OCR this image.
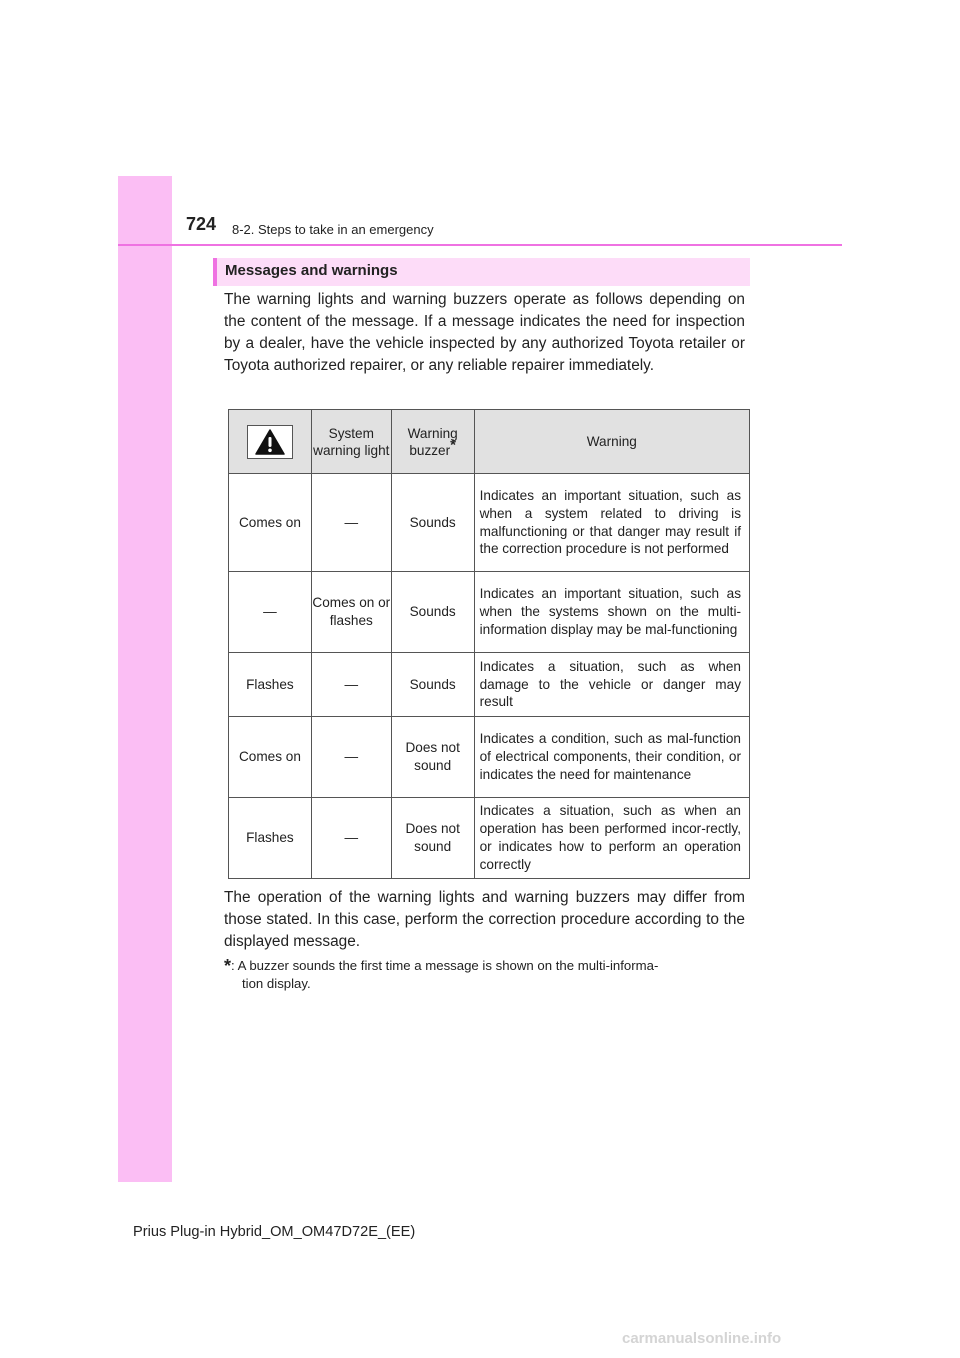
724 8-2. Steps to take in an emergency
Messages and warnings

The warning lights and warning buzzers operate as follows depending on the content of the message. If a message indicates the need for inspection by a dealer, have the vehicle inspected by any authorized Toyota retailer or Toyota authorized repairer, or any reliable repairer immediately.

	System warning light	Warning buzzer*	Warning
Comes on	—	Sounds	Indicates an important situation, such as when a system related to driving is malfunctioning or that danger may result if the correction procedure is not performed
—	Comes on or flashes	Sounds	Indicates an important situation, such as when the systems shown on the multi-information display may be mal-functioning
Flashes	—	Sounds	Indicates a situation, such as when damage to the vehicle or danger may result
Comes on	—	Does not sound	Indicates a condition, such as mal-function of electrical components, their condition, or indicates the need for maintenance
Flashes	—	Does not sound	Indicates a situation, such as when an operation has been performed incor-rectly, or indicates how to perform an operation correctly

The operation of the warning lights and warning buzzers may differ from those stated. In this case, perform the correction procedure according to the displayed message.

*: A buzzer sounds the first time a message is shown on the multi-informa-
tion display.

Prius Plug-in Hybrid_OM_OM47D72E_(EE)
carmanualsonline.info
